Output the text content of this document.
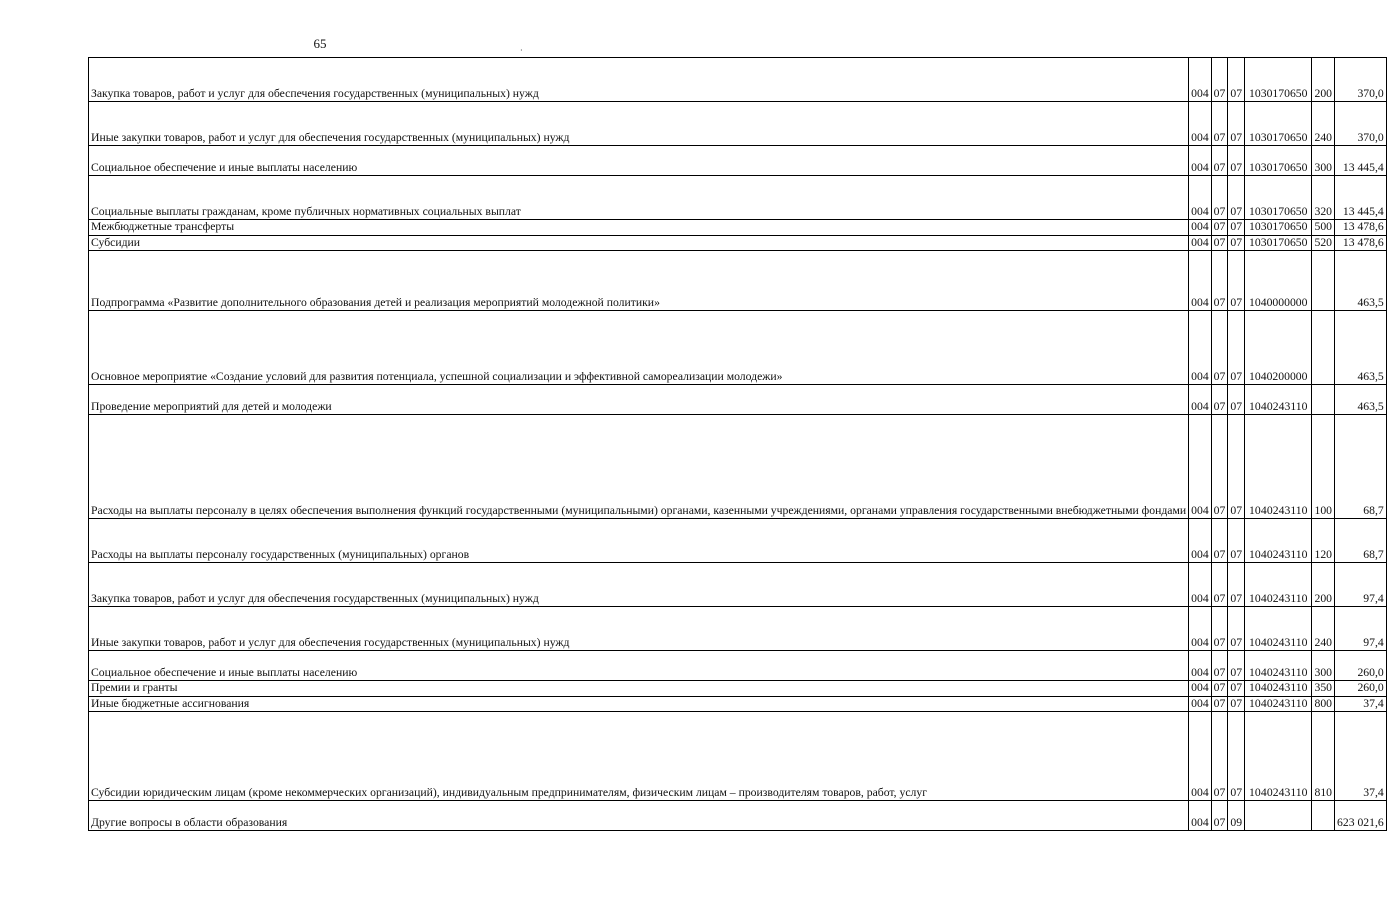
65	·
Закупка товаров, работ и услуг для обеспечения государственных (муниципальных) нужд	004	07	07	10 3 01 70650	200	370,0
Иные закупки товаров, работ и услуг для обеспечения государственных (муниципальных) нужд	004	07	07	10 3 01 70650	240	370,0
Социальное обеспечение и иные выплаты населению	004	07	07	10 3 01 70650	300	13 445,4
Социальные выплаты гражданам, кроме публичных нормативных социальных выплат	004	07	07	10 3 01 70650	320	13 445,4
Межбюджетные трансферты	004	07	07	10 3 01 70650	500	13 478,6
Субсидии	004	07	07	10 3 01 70650	520	13 478,6
Подпрограмма «Развитие дополнительного образования детей и реализация мероприятий молодежной политики»	004	07	07	10 4 00 00000		463,5
Основное мероприятие «Создание условий для развития потенциала, успешной социализации и эффективной самореализации молодежи»	004	07	07	10 4 02 00000		463,5
Проведение мероприятий для детей и молодежи	004	07	07	10 4 02 43110		463,5
Расходы на выплаты персоналу в целях обеспечения выполнения функций государственными (муниципальными) органами, казенными учреждениями, органами управления государственными внебюджетными фондами	004	07	07	10 4 02 43110	100	68,7
Расходы на выплаты персоналу государственных (муниципальных) органов	004	07	07	10 4 02 43110	120	68,7
Закупка товаров, работ и услуг для обеспечения государственных (муниципальных) нужд	004	07	07	10 4 02 43110	200	97,4
Иные закупки товаров, работ и услуг для обеспечения государственных (муниципальных) нужд	004	07	07	10 4 02 43110	240	97,4
Социальное обеспечение и иные выплаты населению	004	07	07	10 4 02 43110	300	260,0
Премии и гранты	004	07	07	10 4 02 43110	350	260,0
Иные бюджетные ассигнования	004	07	07	10 4 02 43110	800	37,4
Субсидии юридическим лицам (кроме некоммерческих организаций), индивидуальным предпринимателям, физическим лицам – производителям товаров, работ, услуг	004	07	07	10 4 02 43110	810	37,4
Другие вопросы в области образования	004	07	09			623 021,6
